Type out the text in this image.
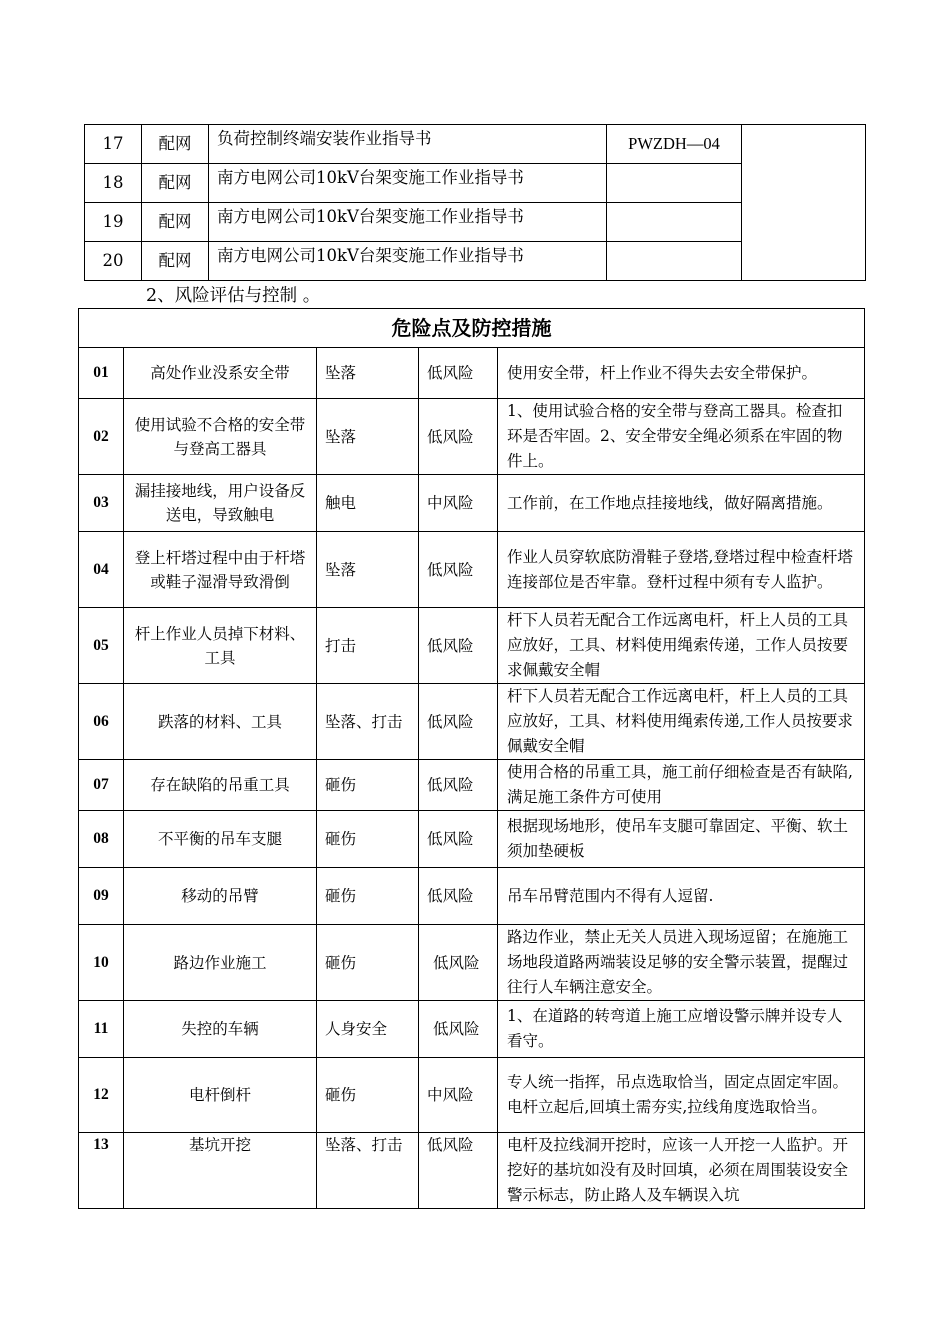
17	配网	负荷控制终端安装作业指导书	PWZDH—04	
18	配网	南方电网公司10kV台架变施工作业指导书		
19	配网	南方电网公司10kV台架变施工作业指导书		
20	配网	南方电网公司10kV台架变施工作业指导书		
2、风险评估与控制 。
危险点及防控措施				
01	高处作业没系安全带	坠落	低风险	使用安全带，杆上作业不得失去安全带保护。
02	使用试验不合格的安全带与登高工器具	坠落	低风险	1、使用试验合格的安全带与登高工器具。检查扣环是否牢固。2、安全带安全绳必须系在牢固的物件上。
03	漏挂接地线，用户设备反送电，导致触电	触电	中风险	工作前，在工作地点挂接地线，做好隔离措施。
04	登上杆塔过程中由于杆塔或鞋子湿滑导致滑倒	坠落	低风险	作业人员穿软底防滑鞋子登塔,登塔过程中检查杆塔连接部位是否牢靠。登杆过程中须有专人监护。
05	杆上作业人员掉下材料、工具	打击	低风险	杆下人员若无配合工作远离电杆，杆上人员的工具应放好，工具、材料使用绳索传递，工作人员按要求佩戴安全帽
06	跌落的材料、工具	坠落、打击	低风险	杆下人员若无配合工作远离电杆，杆上人员的工具应放好，工具、材料使用绳索传递,工作人员按要求佩戴安全帽
07	存在缺陷的吊重工具	砸伤	低风险	使用合格的吊重工具，施工前仔细检查是否有缺陷,满足施工条件方可使用
08	不平衡的吊车支腿	砸伤	低风险	根据现场地形，使吊车支腿可靠固定、平衡、软土须加垫硬板
09	移动的吊臂	砸伤	低风险	吊车吊臂范围内不得有人逗留.
10	路边作业施工	砸伤	低风险	路边作业，禁止无关人员进入现场逗留；在施施工场地段道路两端装设足够的安全警示装置，提醒过往行人车辆注意安全。
11	失控的车辆	人身安全	低风险	1、在道路的转弯道上施工应增设警示牌并设专人看守。
12	电杆倒杆	砸伤	中风险	专人统一指挥，吊点选取恰当，固定点固定牢固。电杆立起后,回填土需夯实,拉线角度选取恰当。
13	基坑开挖	坠落、打击	低风险	电杆及拉线洞开挖时，应该一人开挖一人监护。开挖好的基坑如没有及时回填，必须在周围装设安全警示标志，防止路人及车辆误入坑
